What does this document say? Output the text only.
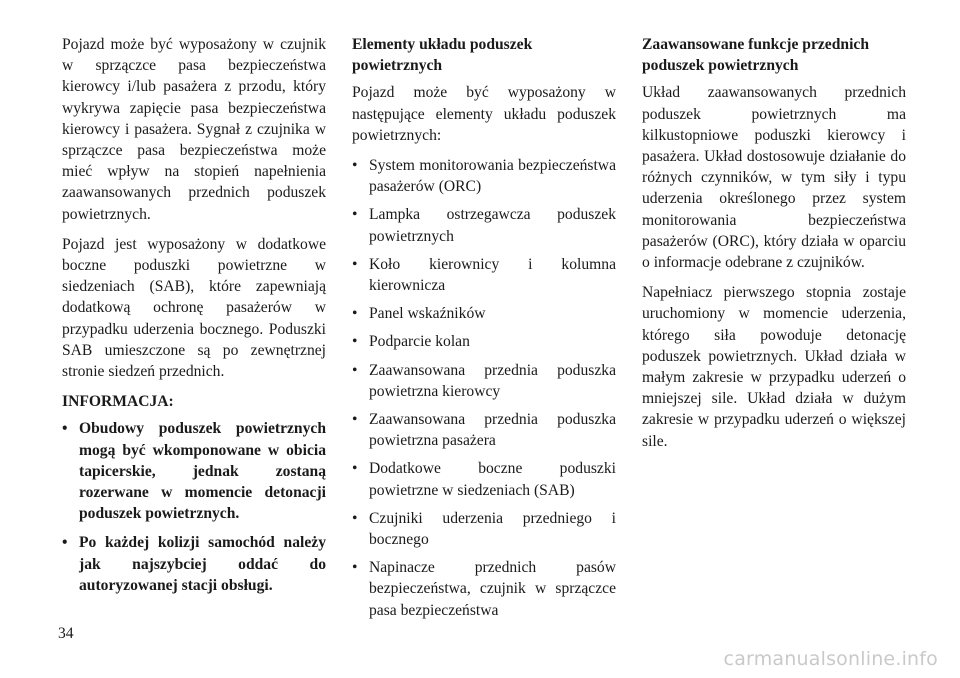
Pojazd może być wyposażony w czujnik w sprzączce pasa bezpieczeństwa kierowcy i/lub pasażera z przodu, który wykrywa zapięcie pasa bezpieczeństwa kierowcy i pasażera. Sygnał z czujnika w sprzączce pasa bezpieczeństwa może mieć wpływ na stopień napełnienia zaawansowanych przednich poduszek powietrznych.

Pojazd jest wyposażony w dodatkowe boczne poduszki powietrzne w siedzeniach (SAB), które zapewniają dodatkową ochronę pasażerów w przypadku uderzenia bocznego. Poduszki SAB umieszczone są po zewnętrznej stronie siedzeń przednich.

INFORMACJA:
• Obudowy poduszek powietrznych mogą być wkomponowane w obicia tapicerskie, jednak zostaną rozerwane w momencie detonacji poduszek powietrznych.
• Po każdej kolizji samochód należy jak najszybciej oddać do autoryzowanej stacji obsługi.
Elementy układu poduszek powietrznych

Pojazd może być wyposażony w następujące elementy układu poduszek powietrznych:

• System monitorowania bezpieczeństwa pasażerów (ORC)
• Lampka ostrzegawcza poduszek powietrznych
• Koło kierownicy i kolumna kierownicza
• Panel wskaźników
• Podparcie kolan
• Zaawansowana przednia poduszka powietrzna kierowcy
• Zaawansowana przednia poduszka powietrzna pasażera
• Dodatkowe boczne poduszki powietrzne w siedzeniach (SAB)
• Czujniki uderzenia przedniego i bocznego
• Napinacze przednich pasów bezpieczeństwa, czujnik w sprzączce pasa bezpieczeństwa
Zaawansowane funkcje przednich poduszek powietrznych

Układ zaawansowanych przednich poduszek powietrznych ma kilkustopniowe poduszki kierowcy i pasażera. Układ dostosowuje działanie do różnych czynników, w tym siły i typu uderzenia określonego przez system monitorowania bezpieczeństwa pasażerów (ORC), który działa w oparciu o informacje odebrane z czujników.

Napełniacz pierwszego stopnia zostaje uruchomiony w momencie uderzenia, którego siła powoduje detonację poduszek powietrznych. Układ działa w małym zakresie w przypadku uderzeń o mniejszej sile. Układ działa w dużym zakresie w przypadku uderzeń o większej sile.

34
carmanualsonline.info
